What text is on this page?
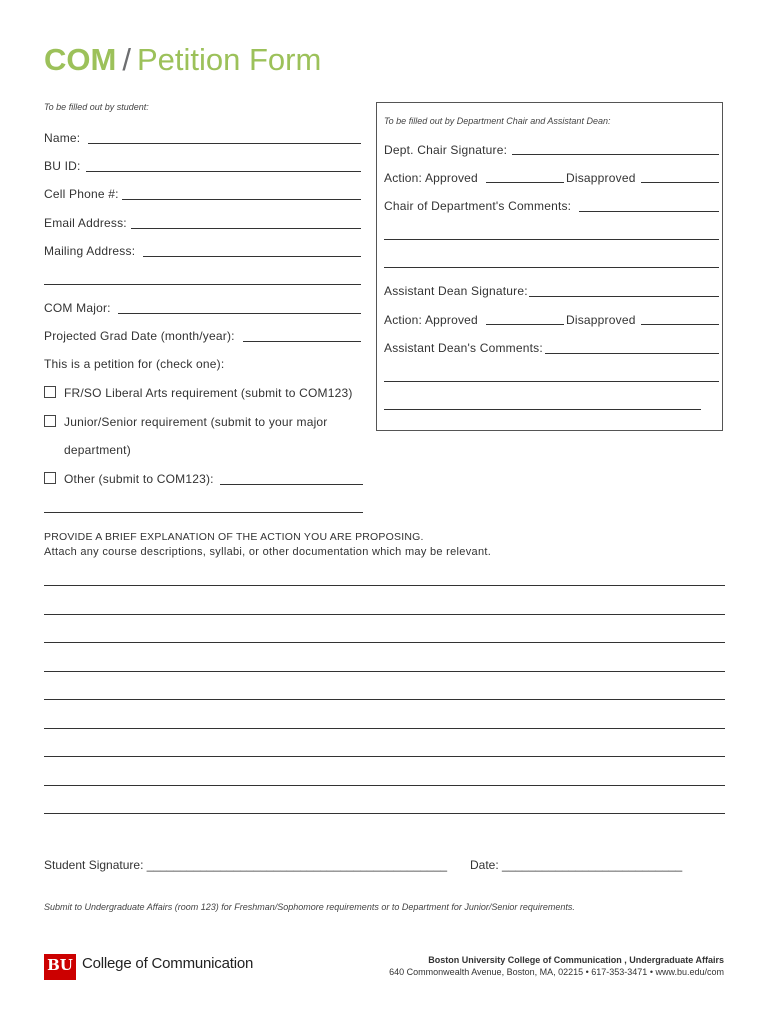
COM / Petition Form
To be filled out by student:
Name:
BU ID:
Cell Phone #:
Email Address:
Mailing Address:
COM Major:
Projected Grad Date (month/year):
This is a petition for (check one):
FR/SO Liberal Arts requirement (submit to COM123)
Junior/Senior requirement (submit to your major
department)
Other (submit to COM123):
To be filled out by Department Chair and Assistant Dean:
Dept. Chair Signature:
Action: Approved	Disapproved
Chair of Department's Comments:
Assistant Dean Signature:
Action: Approved	Disapproved
Assistant Dean's Comments:
PROVIDE A BRIEF EXPLANATION OF THE ACTION YOU ARE PROPOSING.
Attach any course descriptions, syllabi, or other documentation which may be relevant.
Student Signature: _____________________________________________ Date: ___________________________
Submit to Undergraduate Affairs (room 123) for Freshman/Sophomore requirements or to Department for Junior/Senior requirements.
BU College of Communication	Boston University College of Communication , Undergraduate Affairs
640 Commonwealth Avenue, Boston, MA, 02215 • 617-353-3471 • www.bu.edu/com
